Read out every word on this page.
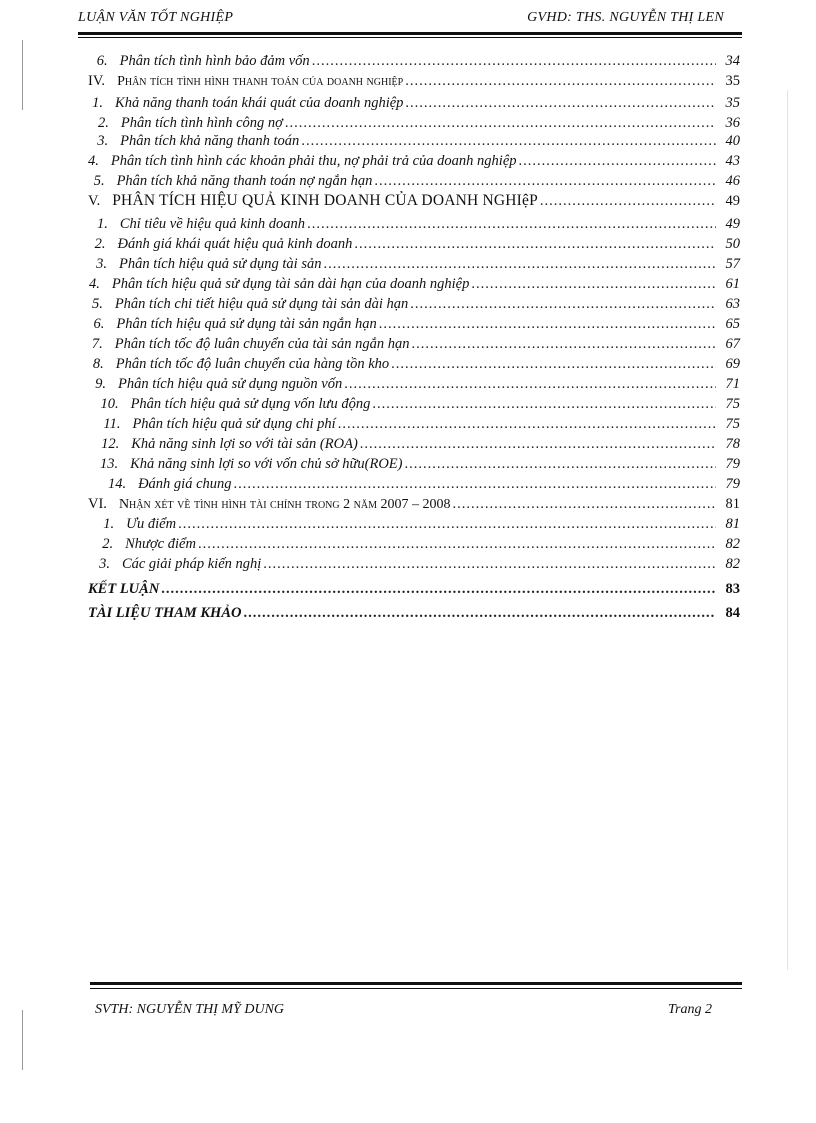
LUẬN VĂN TỐT NGHIỆP	GVHD: THS. NGUYỄN THỊ LEN
6. Phân tích tình hình bảo đảm vốn .....	34
IV. Phân tích tình hình thanh toán của doanh nghiệp .....	35
1. Khả năng thanh toán khái quát của doanh nghiệp .....	35
2. Phân tích tình hình công nợ .....	36
3. Phân tích khả năng thanh toán .....	40
4. Phân tích tình hình các khoản phải thu, nợ phải trả của doanh nghiệp .....	43
5. Phân tích khả năng thanh toán nợ ngắn hạn .....	46
V. PHÂN TÍCH HIỆU QUẢ KINH DOANH CỦA DOANH NGHIệP .....	49
1. Chỉ tiêu về hiệu quả kinh doanh .....	49
2. Đánh giá khái quát hiệu quả kinh doanh .....	50
3. Phân tích hiệu quả sử dụng tài sản .....	57
4. Phân tích hiệu quả sử dụng tài sản dài hạn của doanh nghiệp .....	61
5. Phân tích chi tiết hiệu quả sử dụng tài sản dài hạn .....	63
6. Phân tích hiệu quả sử dụng tài sản ngắn hạn .....	65
7. Phân tích tốc độ luân chuyển của tài sản ngắn hạn .....	67
8. Phân tích tốc độ luân chuyển của hàng tồn kho .....	69
9. Phân tích hiệu quả sử dụng nguồn vốn .....	71
10. Phân tích hiệu quả sử dụng vốn lưu động .....	75
11. Phân tích hiệu quả sử dụng chi phí .....	75
12. Khả năng sinh lợi so với tài sản (ROA) .....	78
13. Khả năng sinh lợi so với vốn chủ sở hữu(ROE) .....	79
14. Đánh giá chung .....	79
VI. Nhận xét về tình hình tài chính trong 2 năm 2007 – 2008 .....	81
1. Ưu điểm .....	81
2. Nhược điểm .....	82
3. Các giải pháp kiến nghị .....	82
KẾT LUẬN .....	83
TÀI LIỆU THAM KHẢO .....	84
SVTH: NGUYỄN THỊ MỸ DUNG	Trang 2
